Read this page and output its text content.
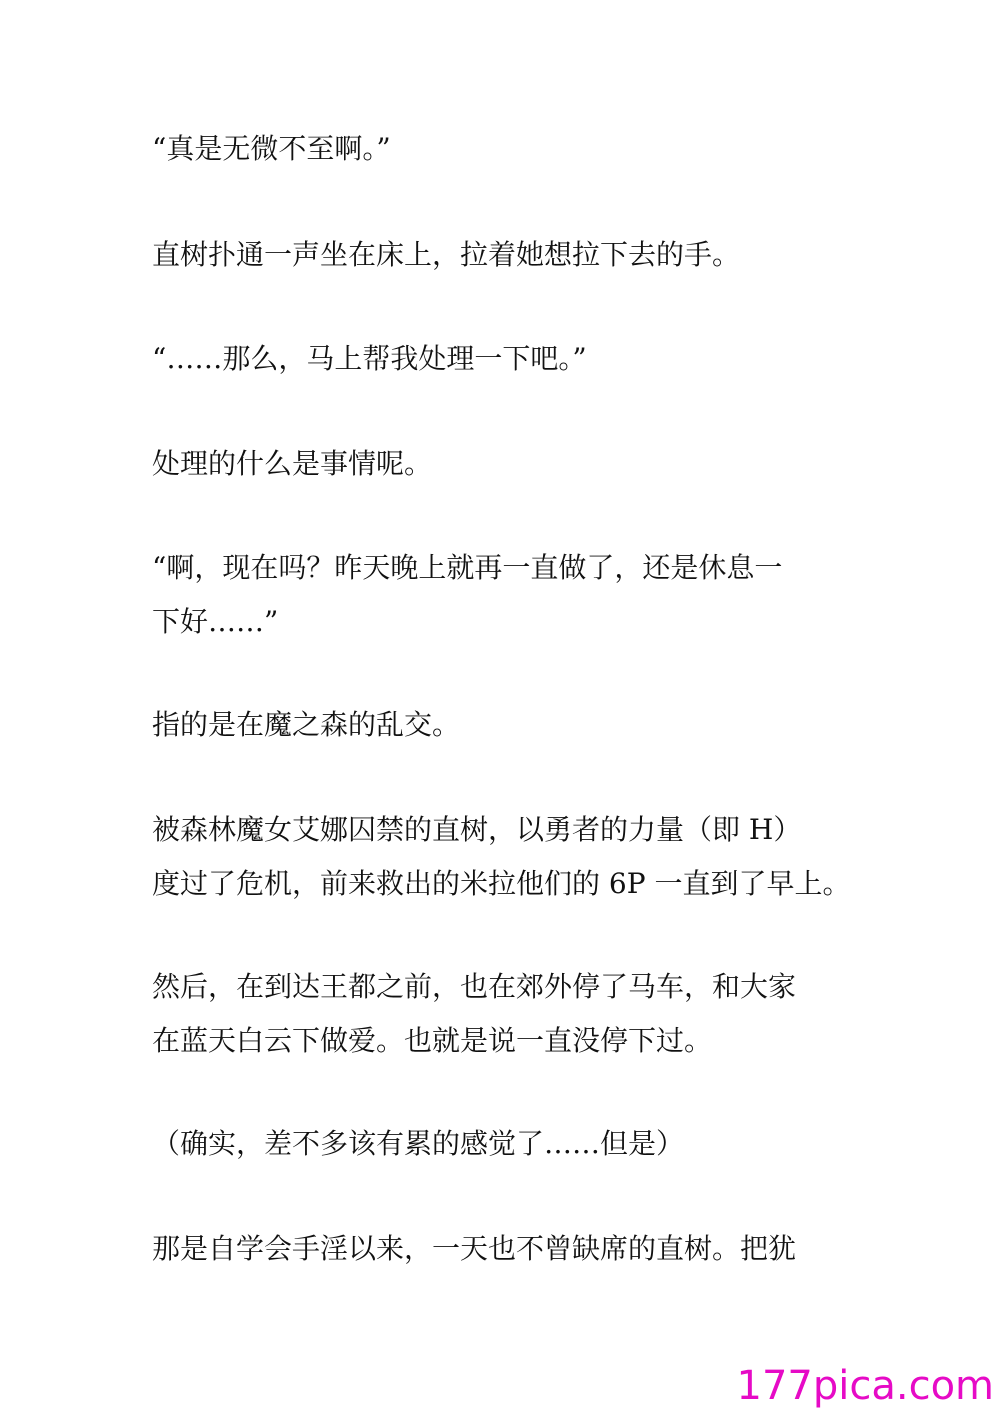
“真是无微不至啊。”

直树扑通一声坐在床上，拉着她想拉下去的手。

“……那么，马上帮我处理一下吧。”

处理的什么是事情呢。

“啊，现在吗？昨天晚上就再一直做了，还是休息一
下好……”

指的是在魔之森的乱交。

被森林魔女艾娜囚禁的直树，以勇者的力量（即 H）
度过了危机，前来救出的米拉他们的 6P 一直到了早上。

然后，在到达王都之前，也在郊外停了马车，和大家
在蓝天白云下做爱。也就是说一直没停下过。

（确实，差不多该有累的感觉了……但是）

那是自学会手淫以来，一天也不曾缺席的直树。把犹

177pica.com
